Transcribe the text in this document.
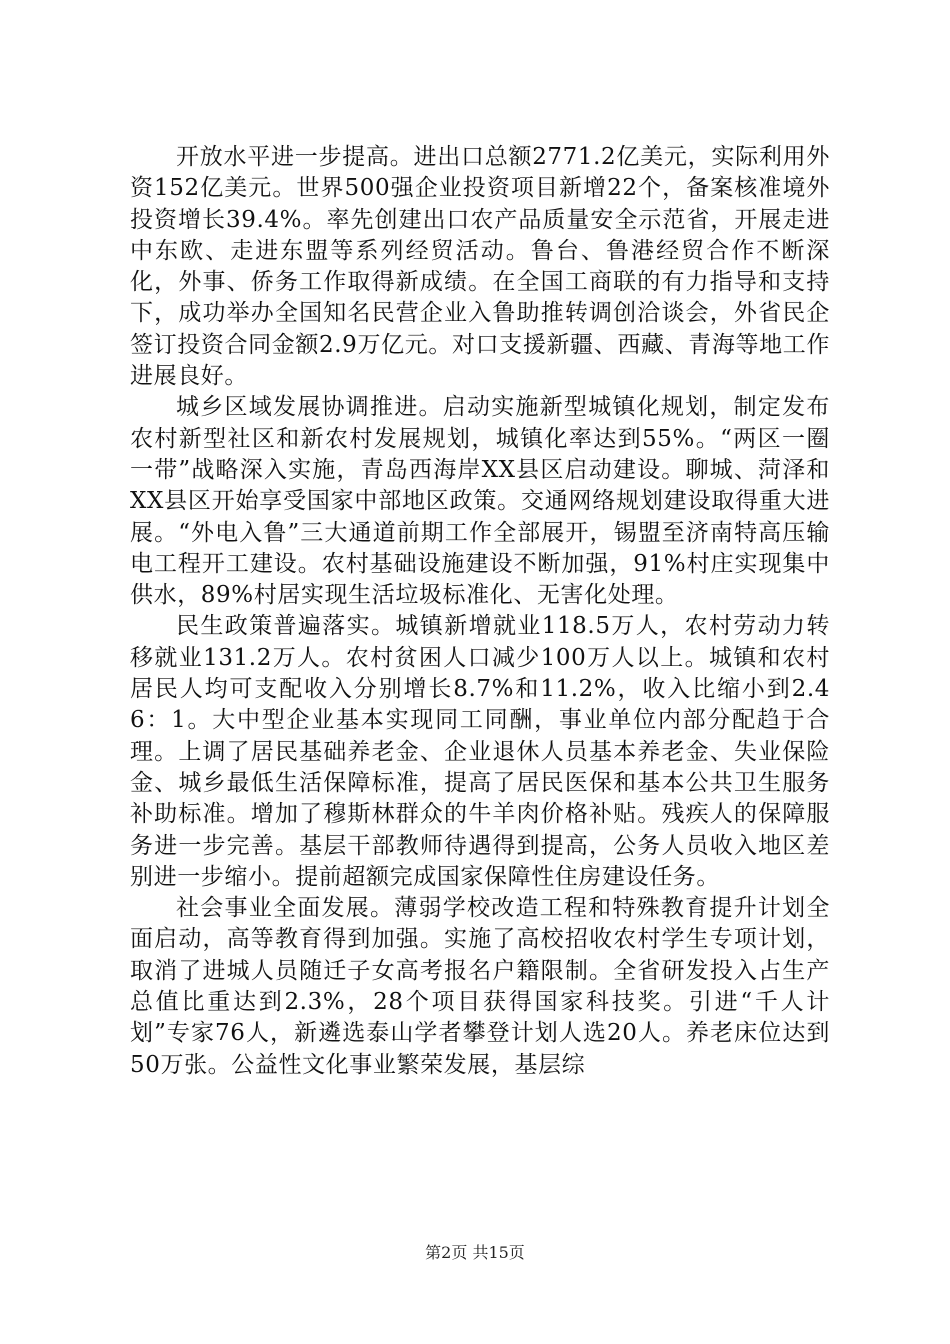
开放水平进一步提高。进出口总额2771.2亿美元，实际利用外资152亿美元。世界500强企业投资项目新增22个，备案核准境外投资增长39.4%。率先创建出口农产品质量安全示范省，开展走进中东欧、走进东盟等系列经贸活动。鲁台、鲁港经贸合作不断深化，外事、侨务工作取得新成绩。在全国工商联的有力指导和支持下，成功举办全国知名民营企业入鲁助推转调创洽谈会，外省民企签订投资合同金额2.9万亿元。对口支援新疆、西藏、青海等地工作进展良好。

城乡区域发展协调推进。启动实施新型城镇化规划，制定发布农村新型社区和新农村发展规划，城镇化率达到55%。“两区一圈一带”战略深入实施，青岛西海岸XX县区启动建设。聊城、菏泽和XX县区开始享受国家中部地区政策。交通网络规划建设取得重大进展。“外电入鲁”三大通道前期工作全部展开，锡盟至济南特高压输电工程开工建设。农村基础设施建设不断加强，91%村庄实现集中供水，89%村居实现生活垃圾标准化、无害化处理。

民生政策普遍落实。城镇新增就业118.5万人，农村劳动力转移就业131.2万人。农村贫困人口减少100万人以上。城镇和农村居民人均可支配收入分别增长8.7%和11.2%，收入比缩小到2.46：1。大中型企业基本实现同工同酬，事业单位内部分配趋于合理。上调了居民基础养老金、企业退休人员基本养老金、失业保险金、城乡最低生活保障标准，提高了居民医保和基本公共卫生服务补助标准。增加了穆斯林群众的牛羊肉价格补贴。残疾人的保障服务进一步完善。基层干部教师待遇得到提高，公务人员收入地区差别进一步缩小。提前超额完成国家保障性住房建设任务。

社会事业全面发展。薄弱学校改造工程和特殊教育提升计划全面启动，高等教育得到加强。实施了高校招收农村学生专项计划，取消了进城人员随迁子女高考报名户籍限制。全省研发投入占生产总值比重达到2.3%，28个项目获得国家科技奖。引进“千人计划”专家76人，新遴选泰山学者攀登计划人选20人。养老床位达到50万张。公益性文化事业繁荣发展，基层综

第2页 共15页
